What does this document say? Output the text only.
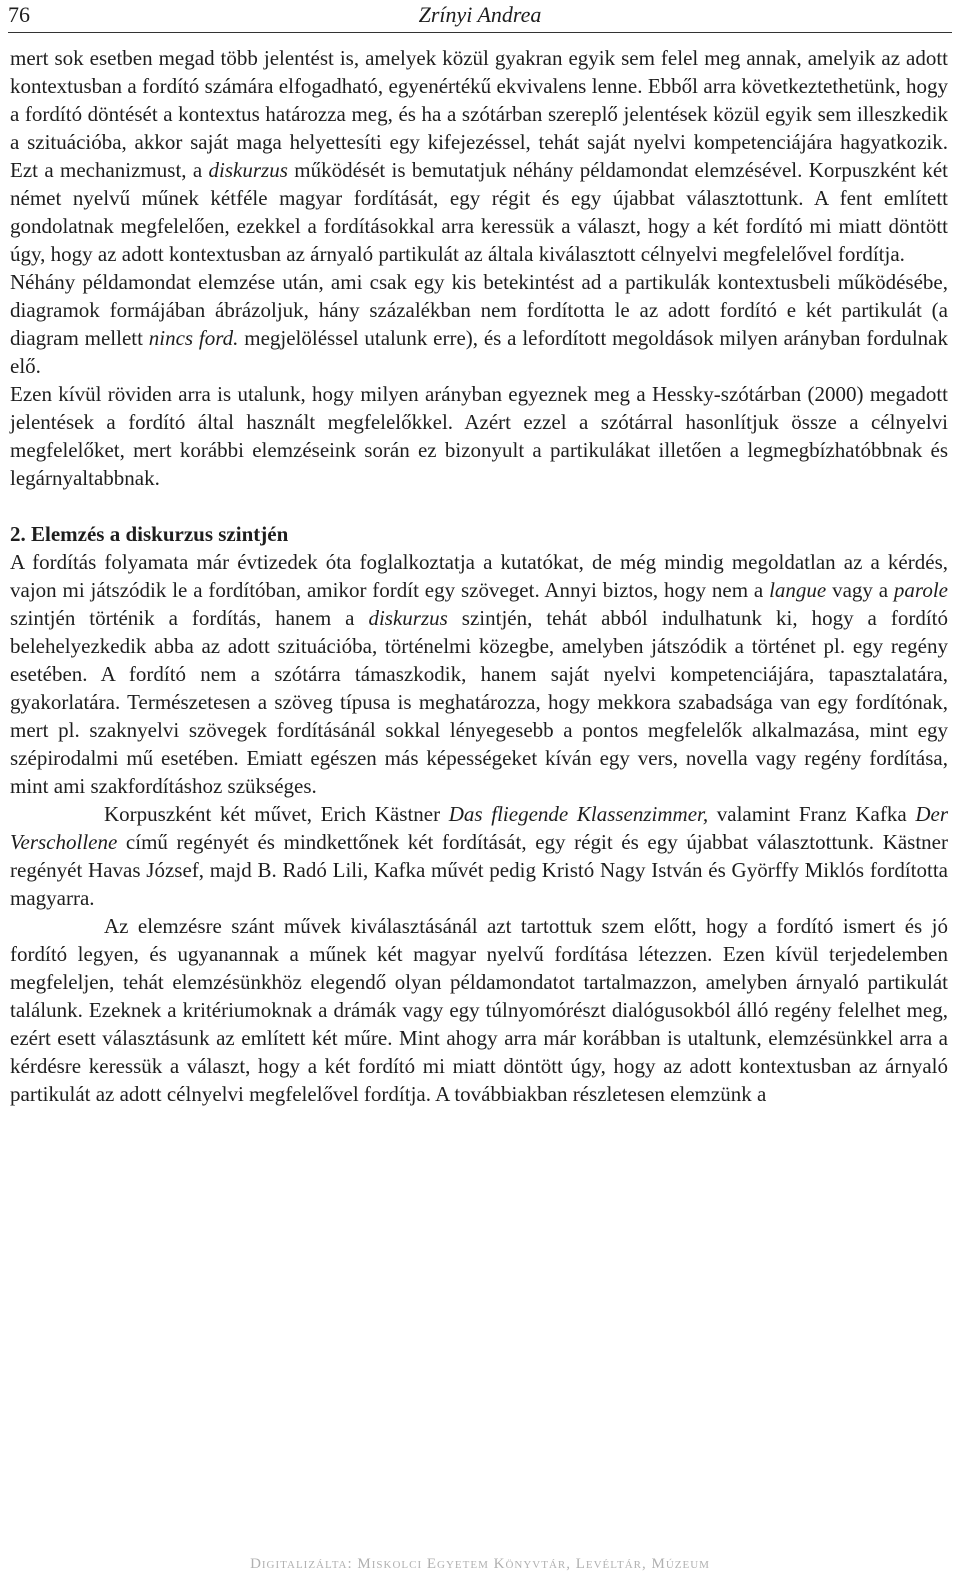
76	Zrínyi Andrea

mert sok esetben megad több jelentést is, amelyek közül gyakran egyik sem felel meg annak, amelyik az adott kontextusban a fordító számára elfogadható, egyenértékű ekvivalens lenne. Ebből arra következtethetünk, hogy a fordító döntését a kontextus határozza meg, és ha a szótárban szereplő jelentések közül egyik sem illeszkedik a szituációba, akkor saját maga helyettesíti egy kifejezéssel, tehát saját nyelvi kompetenciájára hagyatkozik. Ezt a mechanizmust, a diskurzus működését is bemutatjuk néhány példamondat elemzésével. Korpuszként két német nyelvű műnek kétféle magyar fordítását, egy régit és egy újabbat választottunk. A fent említett gondolatnak megfelelően, ezekkel a fordításokkal arra keressük a választ, hogy a két fordító mi miatt döntött úgy, hogy az adott kontextusban az árnyaló partikulát az általa kiválasztott célnyelvi megfelelővel fordítja.

Néhány példamondat elemzése után, ami csak egy kis betekintést ad a partikulák kontextusbeli működésébe, diagramok formájában ábrázoljuk, hány százalékban nem fordította le az adott fordító e két partikulát (a diagram mellett nincs ford. megjelöléssel utalunk erre), és a lefordított megoldások milyen arányban fordulnak elő.

Ezen kívül röviden arra is utalunk, hogy milyen arányban egyeznek meg a Hessky-szótárban (2000) megadott jelentések a fordító által használt megfelelőkkel. Azért ezzel a szótárral hasonlítjuk össze a célnyelvi megfelelőket, mert korábbi elemzéseink során ez bizonyult a partikulákat illetően a legmegbízhatóbbnak és legárnyaltabbnak.

2. Elemzés a diskurzus szintjén

A fordítás folyamata már évtizedek óta foglalkoztatja a kutatókat, de még mindig megoldatlan az a kérdés, vajon mi játszódik le a fordítóban, amikor fordít egy szöveget. Annyi biztos, hogy nem a langue vagy a parole szintjén történik a fordítás, hanem a diskurzus szintjén, tehát abból indulhatunk ki, hogy a fordító belehelyezkedik abba az adott szituációba, történelmi közegbe, amelyben játszódik a történet pl. egy regény esetében. A fordító nem a szótárra támaszkodik, hanem saját nyelvi kompetenciájára, tapasztalatára, gyakorlatára. Természetesen a szöveg típusa is meghatározza, hogy mekkora szabadsága van egy fordítónak, mert pl. szaknyelvi szövegek fordításánál sokkal lényegesebb a pontos megfelelők alkalmazása, mint egy szépirodalmi mű esetében. Emiatt egészen más képességeket kíván egy vers, novella vagy regény fordítása, mint ami szakfordításhoz szükséges.

Korpuszként két művet, Erich Kästner Das fliegende Klassenzimmer, valamint Franz Kafka Der Verschollene című regényét és mindkettőnek két fordítását, egy régit és egy újabbat választottunk. Kästner regényét Havas József, majd B. Radó Lili, Kafka művét pedig Kristó Nagy István és Györffy Miklós fordította magyarra.

Az elemzésre szánt művek kiválasztásánál azt tartottuk szem előtt, hogy a fordító ismert és jó fordító legyen, és ugyanannak a műnek két magyar nyelvű fordítása létezzen. Ezen kívül terjedelemben megfeleljen, tehát elemzésünkhöz elegendő olyan példamondatot tartalmazzon, amelyben árnyaló partikulát találunk. Ezeknek a kritériumoknak a drámák vagy egy túlnyomórészt dialógusokból álló regény felelhet meg, ezért esett választásunk az említett két műre. Mint ahogy arra már korábban is utaltunk, elemzésünkkel arra a kérdésre keressük a választ, hogy a két fordító mi miatt döntött úgy, hogy az adott kontextusban az árnyaló partikulát az adott célnyelvi megfelelővel fordítja. A továbbiakban részletesen elemzünk a

Digitalizálta: Miskolci Egyetem Könyvtár, Levéltár, Múzeum
